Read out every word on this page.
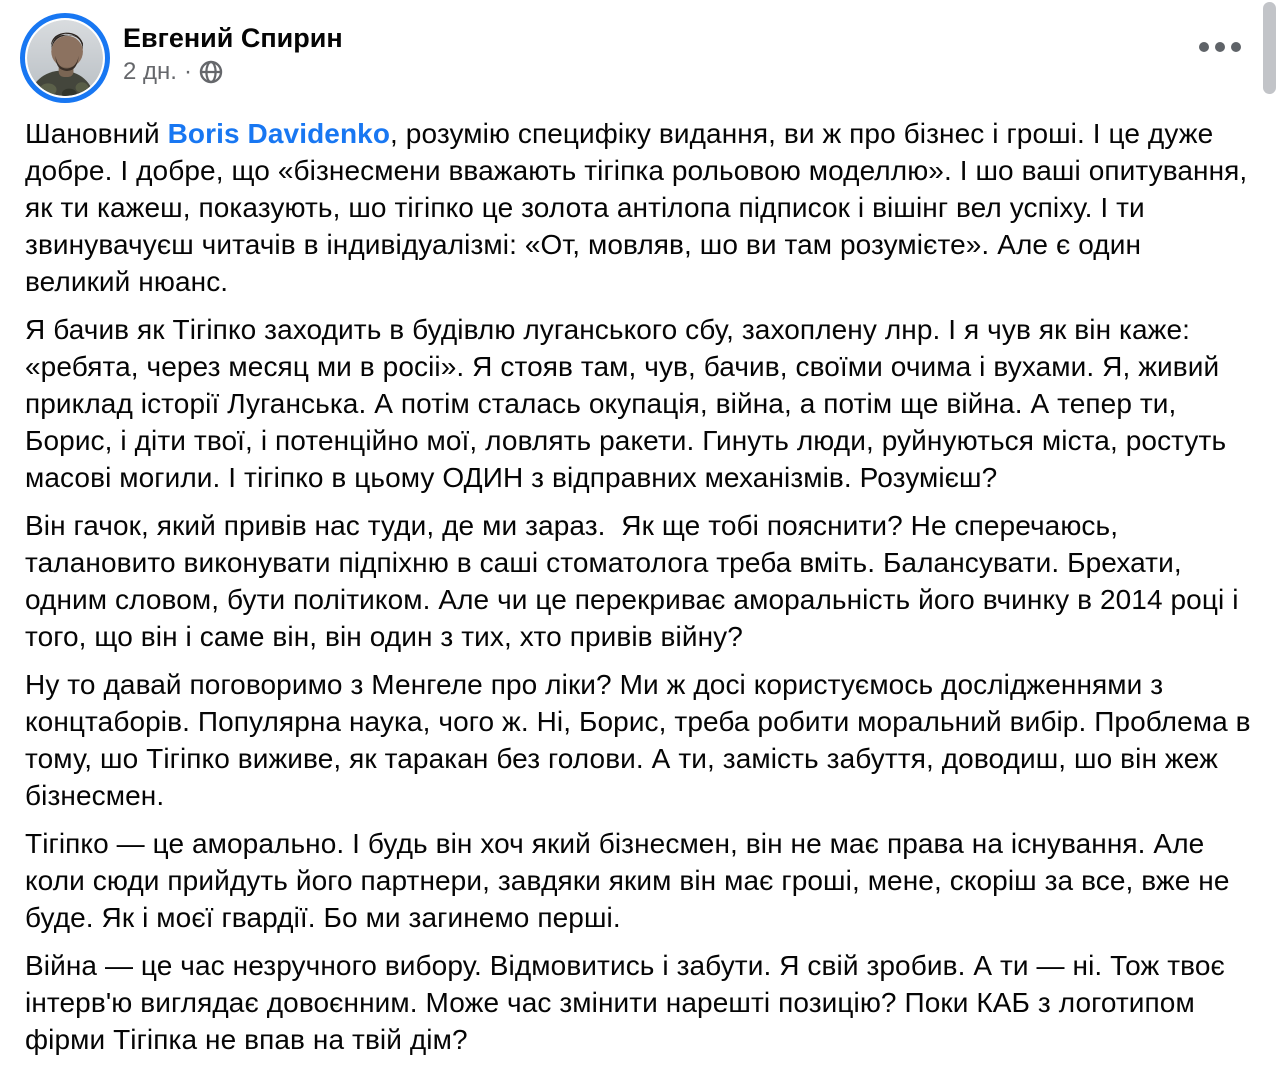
Евгений Спирин
2 дн. ·

Шановний Boris Davidenko, розумію специфіку видання, ви ж про бізнес і гроші. І це дуже добре. І добре, що «бізнесмени вважають тігіпка рольовою моделлю». І шо ваші опитування, як ти кажеш, показують, шо тігіпко це золота антілопа підписок і вішінг вел успіху. І ти звинувачуєш читачів в індивідуалізмі: «От, мовляв, шо ви там розумієте». Але є один великий нюанс.

Я бачив як Тігіпко заходить в будівлю луганського сбу, захоплену лнр. І я чув як він каже: «ребята, через месяц ми в росіі». Я стояв там, чув, бачив, своїми очима і вухами. Я, живий приклад історії Луганська. А потім сталась окупація, війна, а потім ще війна. А тепер ти, Борис, і діти твої, і потенційно мої, ловлять ракети. Гинуть люди, руйнуються міста, ростуть масові могили. І тігіпко в цьому ОДИН з відправних механізмів. Розумієш?

Він гачок, який привів нас туди, де ми зараз.  Як ще тобі пояснити? Не сперечаюсь, талановито виконувати підпіхню в саші стоматолога треба вміть. Балансувати. Брехати, одним словом, бути політиком. Але чи це перекриває аморальність його вчинку в 2014 році і того, що він і саме він, він один з тих, хто привів війну?

Ну то давай поговоримо з Менгеле про ліки? Ми ж досі користуємось дослідженнями з концтаборів. Популярна наука, чого ж. Ні, Борис, треба робити моральний вибір. Проблема в тому, шо Тігіпко виживе, як таракан без голови. А ти, замість забуття, доводиш, шо він жеж бізнесмен.

Тігіпко — це аморально. І будь він хоч який бізнесмен, він не має права на існування. Але коли сюди прийдуть його партнери, завдяки яким він має гроші, мене, скоріш за все, вже не буде. Як і моєї гвардії. Бо ми загинемо перші.

Війна — це час незручного вибору. Відмовитись і забути. Я свій зробив. А ти — ні. Тож твоє інтерв'ю виглядає довоєнним. Може час змінити нарешті позицію? Поки КАБ з логотипом фірми Тігіпка не впав на твій дім?
